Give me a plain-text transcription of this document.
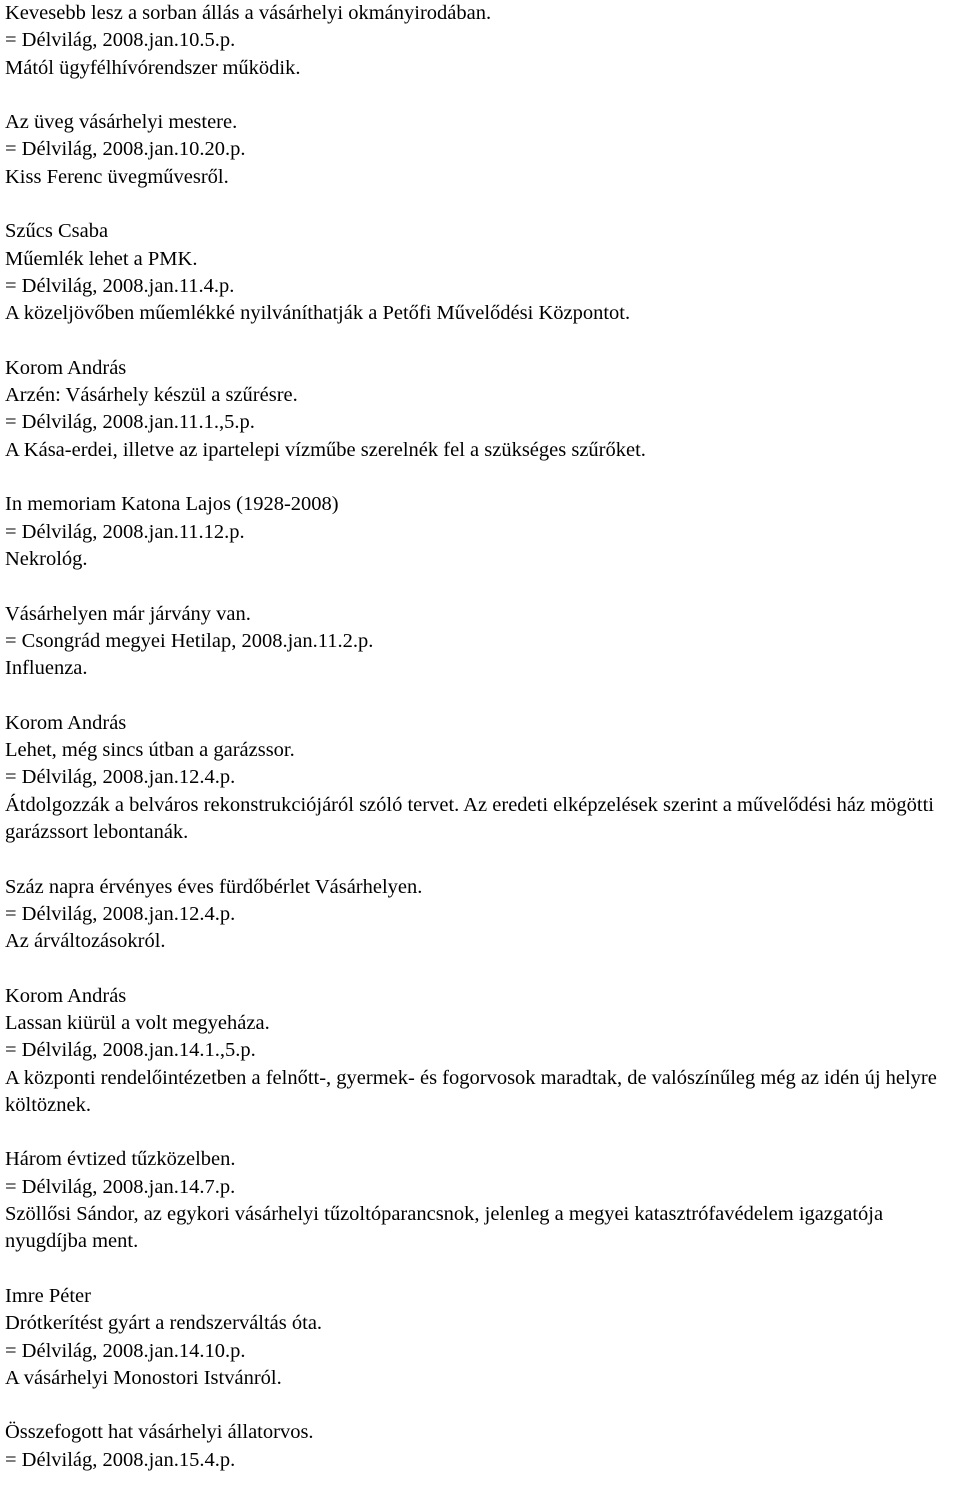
Kevesebb lesz a sorban állás a vásárhelyi okmányirodában.
= Délvilág, 2008.jan.10.5.p.
Mától ügyfélhívórendszer működik.
Az üveg vásárhelyi mestere.
= Délvilág, 2008.jan.10.20.p.
Kiss Ferenc üvegművesről.
Szűcs Csaba
Műemlék lehet a PMK.
= Délvilág, 2008.jan.11.4.p.
A közeljövőben műemlékké nyilváníthatják a Petőfi Művelődési Központot.
Korom András
Arzén: Vásárhely készül a szűrésre.
= Délvilág, 2008.jan.11.1.,5.p.
A Kása-erdei, illetve az ipartelepi vízműbe szerelnék fel a szükséges szűrőket.
In memoriam Katona Lajos (1928-2008)
= Délvilág, 2008.jan.11.12.p.
Nekrológ.
Vásárhelyen már járvány van.
= Csongrád megyei Hetilap, 2008.jan.11.2.p.
Influenza.
Korom András
Lehet, még sincs útban a garázssor.
= Délvilág, 2008.jan.12.4.p.
Átdolgozzák a belváros rekonstrukciójáról szóló tervet. Az eredeti elképzelések szerint a művelődési ház mögötti garázssort lebontanák.
Száz napra érvényes éves fürdőbérlet Vásárhelyen.
= Délvilág, 2008.jan.12.4.p.
Az árváltozásokról.
Korom András
Lassan kiürül a volt megyeháza.
= Délvilág, 2008.jan.14.1.,5.p.
A központi rendelőintézetben a felnőtt-, gyermek- és fogorvosok maradtak, de valószínűleg még az idén új helyre költöznek.
Három évtized tűzközelben.
= Délvilág, 2008.jan.14.7.p.
Szöllősi Sándor, az egykori vásárhelyi tűzoltóparancsnok, jelenleg a megyei katasztrófavédelem igazgatója nyugdíjba ment.
Imre Péter
Drótkerítést gyárt a rendszerváltás óta.
= Délvilág, 2008.jan.14.10.p.
A vásárhelyi Monostori Istvánról.
Összefogott hat vásárhelyi állatorvos.
= Délvilág, 2008.jan.15.4.p.
